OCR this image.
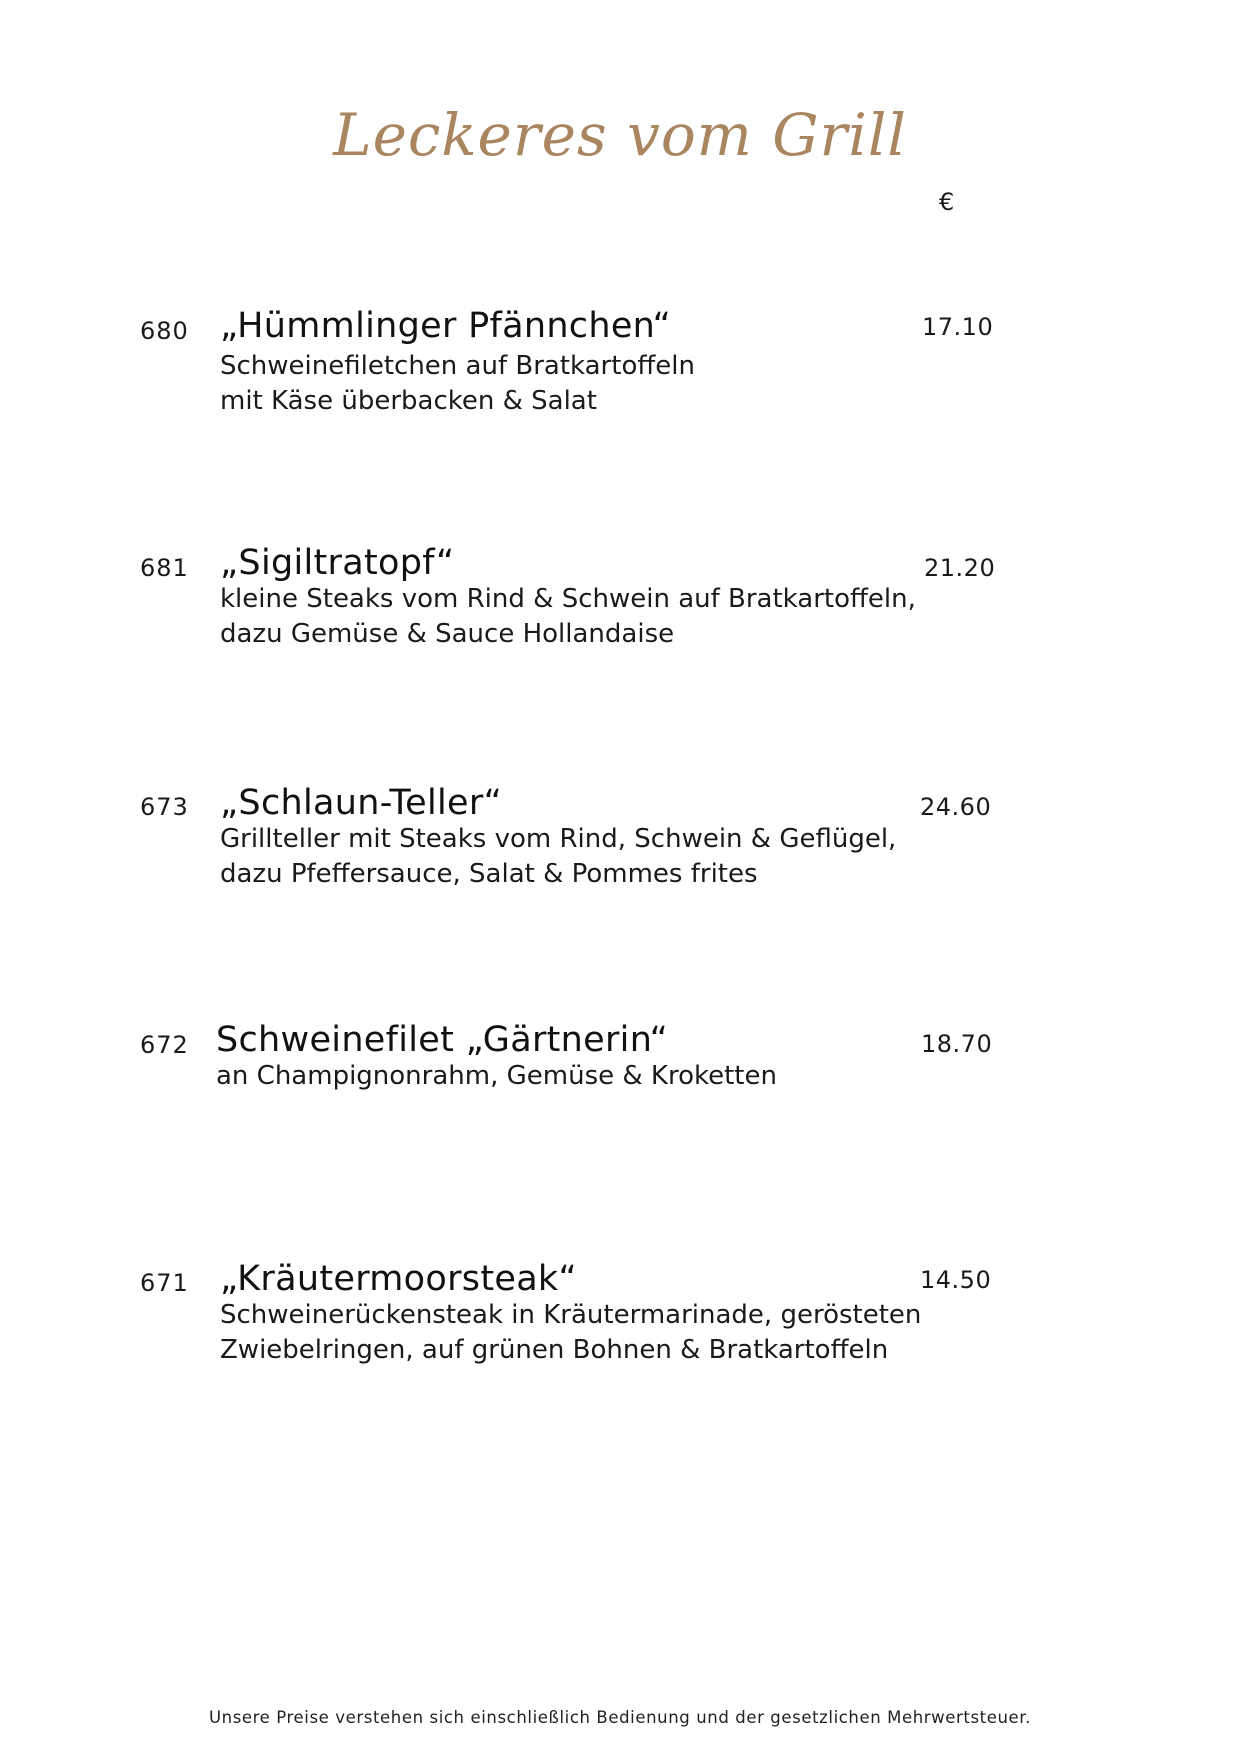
Leckeres vom Grill
€
680 „Hümmlinger Pfännchen“
Schweinefiletchen auf Bratkartoffeln
mit Käse überbacken & Salat
17.10
681 „Sigiltratopf“
kleine Steaks vom Rind & Schwein auf Bratkartoffeln,
dazu Gemüse & Sauce Hollandaise
21.20
673 „Schlaun-Teller“
Grillteller mit Steaks vom Rind, Schwein & Geflügel,
dazu Pfeffersauce, Salat & Pommes frites
24.60
672 Schweinefilet „Gärtnerin“
an Champignonrahm, Gemüse & Kroketten
18.70
671 „Kräutermoorsteak“
Schweinerückensteak in Kräutermarinade, gerösteten
Zwiebelringen, auf grünen Bohnen & Bratkartoffeln
14.50
Unsere Preise verstehen sich einschließlich Bedienung und der gesetzlichen Mehrwertsteuer.
